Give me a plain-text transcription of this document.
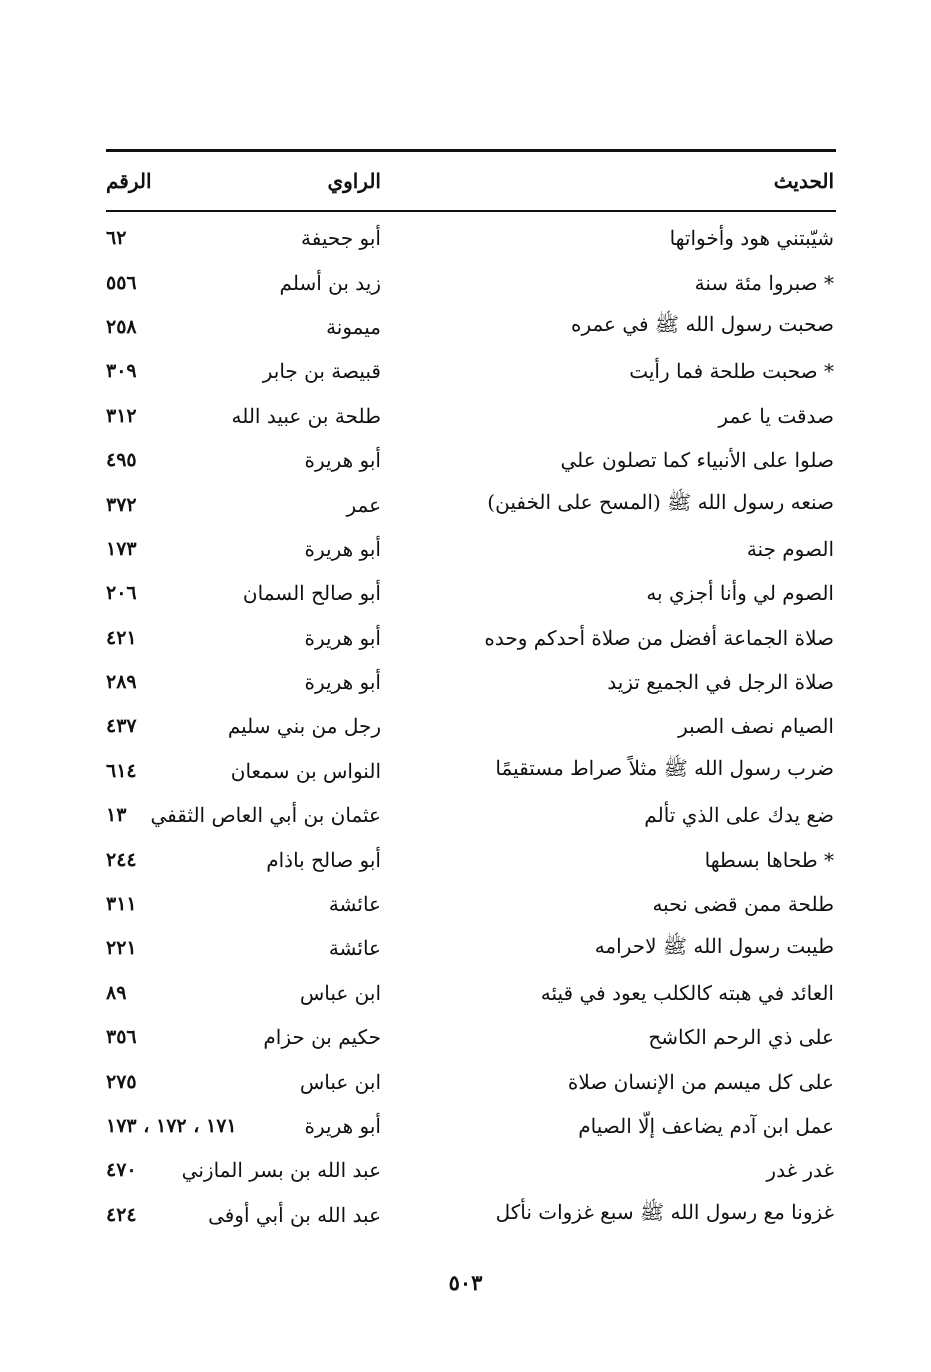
الحديث
الراوي
الرقم
شيّبتني هود وأخواتها
أبو جحيفة
٦٢
* صبروا مئة سنة
زيد بن أسلم
٥٥٦
صحبت رسول الله ﷺ في عمره
ميمونة
٢٥٨
* صحبت طلحة فما رأيت
قبيصة بن جابر
٣٠٩
صدقت يا عمر
طلحة بن عبيد الله
٣١٢
صلوا على الأنبياء كما تصلون علي
أبو هريرة
٤٩٥
صنعه رسول الله ﷺ (المسح على الخفين)
عمر
٣٧٢
الصوم جنة
أبو هريرة
١٧٣
الصوم لي وأنا أجزي به
أبو صالح السمان
٢٠٦
صلاة الجماعة أفضل من صلاة أحدكم وحده
أبو هريرة
٤٢١
صلاة الرجل في الجميع تزيد
أبو هريرة
٢٨٩
الصيام نصف الصبر
رجل من بني سليم
٤٣٧
ضرب رسول الله ﷺ مثلاً صراط مستقيمًا
النواس بن سمعان
٦١٤
ضع يدك على الذي تألم
عثمان بن أبي العاص الثقفي
١٣
* طحاها بسطها
أبو صالح باذام
٢٤٤
طلحة ممن قضى نحبه
عائشة
٣١١
طيبت رسول الله ﷺ لاحرامه
عائشة
٢٢١
العائد في هبته كالكلب يعود في قيئه
ابن عباس
٨٩
على ذي الرحم الكاشح
حكيم بن حزام
٣٥٦
على كل ميسم من الإنسان صلاة
ابن عباس
٢٧٥
عمل ابن آدم يضاعف إلّا الصيام
أبو هريرة
١٧١ ، ١٧٢ ، ١٧٣
غدر غدر
عبد الله بن بسر المازني
٤٧٠
غزونا مع رسول الله ﷺ سبع غزوات نأكل
عبد الله بن أبي أوفى
٤٢٤
٥٠٣
